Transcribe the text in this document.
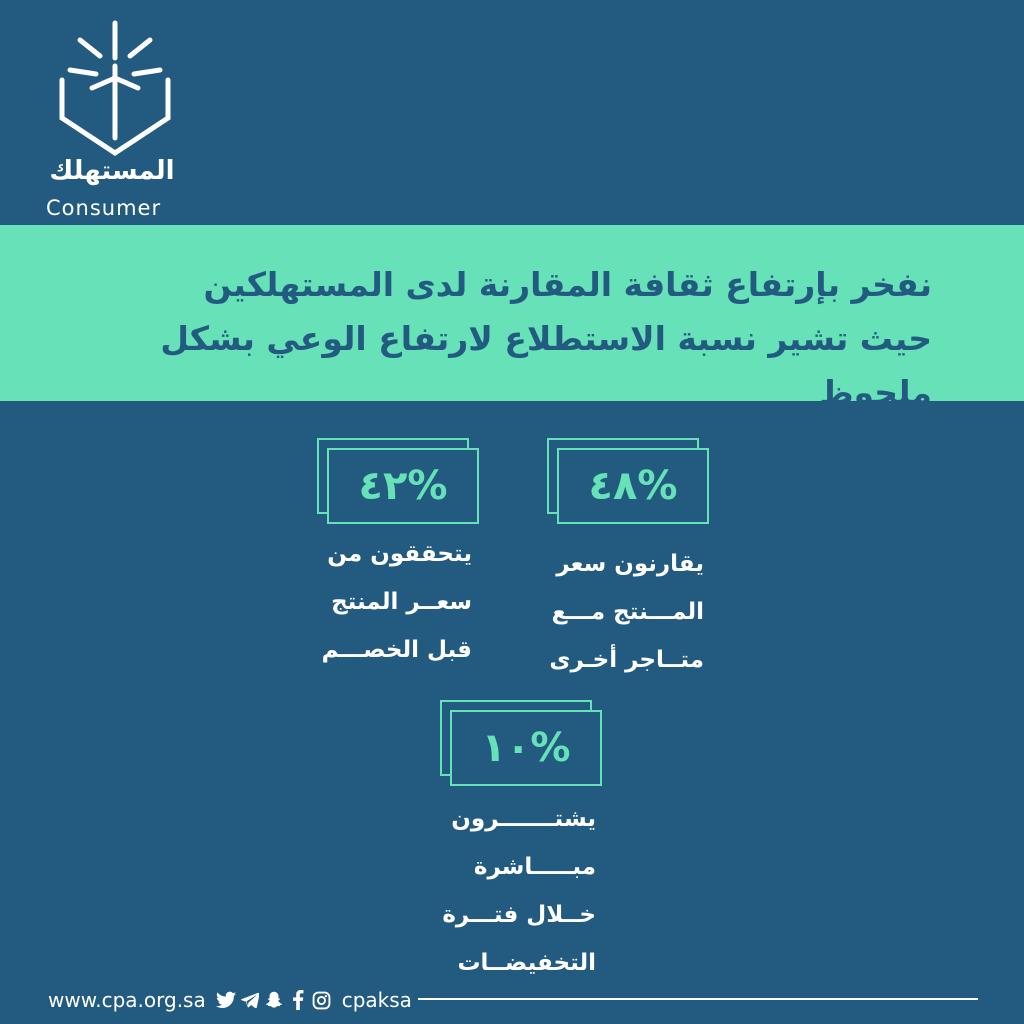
المستهلك
Consumer
نفخر بإرتفاع ثقافة المقارنة لدى المستهلكين
حيث تشير نسبة الاستطلاع لارتفاع الوعي بشكل ملحوظ
%٤٨
يقارنون سعر
المـــنتج مـــع
متــاجر أخـرى
%٤٢
يتحققون من
سعــر المنتج
قبل الخصـــم
%١٠
يشتـــــــرون
مبـــــاشرة
خــلال فتـــرة
التخفيضــات
www.cpa.org.sa	cpaksa
